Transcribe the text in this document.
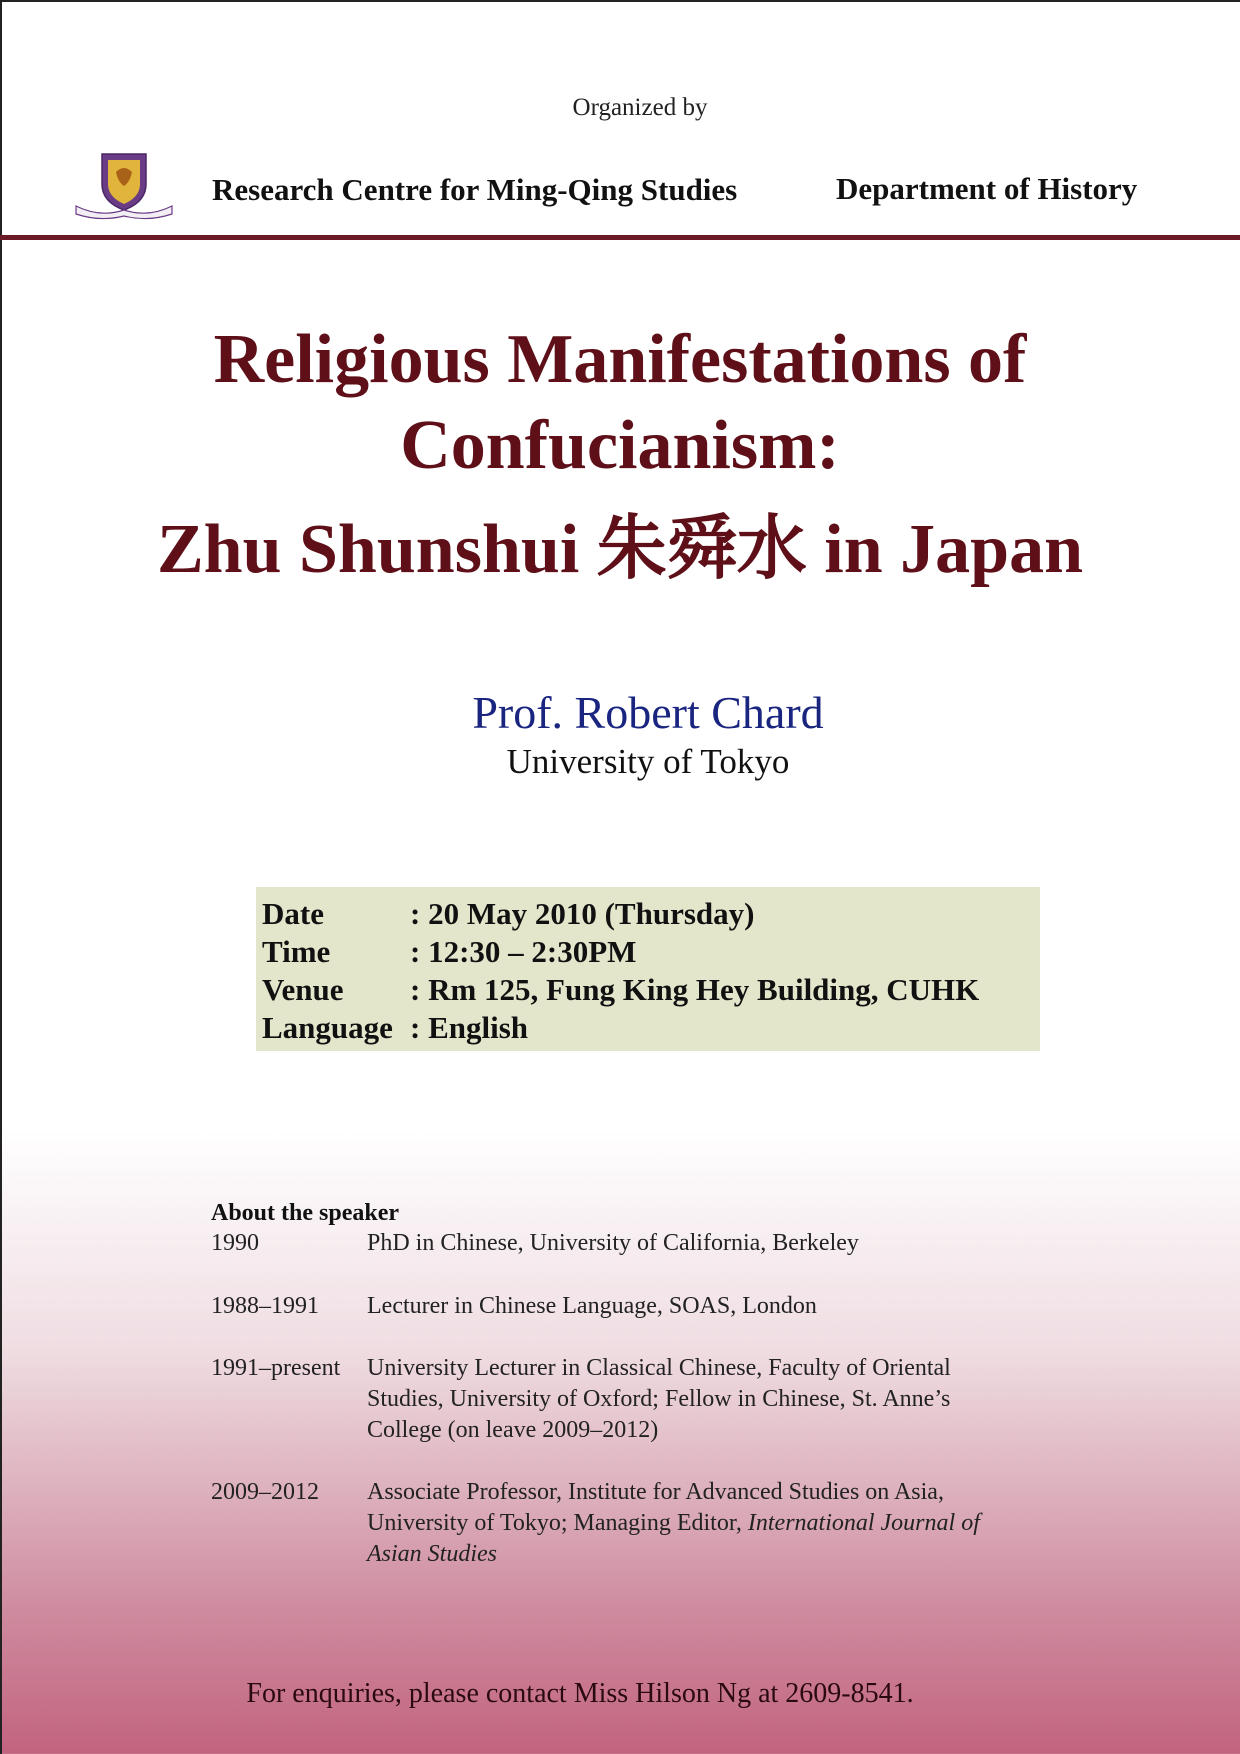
Organized by
Research Centre for Ming-Qing Studies	Department of History
Religious Manifestations of
Confucianism:
Zhu Shunshui 朱舜水 in Japan
Prof. Robert Chard
University of Tokyo
Date	: 20 May 2010 (Thursday)
Time	: 12:30 – 2:30PM
Venue : Rm 125, Fung King Hey Building, CUHK
Language : English
About the speaker
1990	PhD in Chinese, University of California, Berkeley
1988–1991	Lecturer in Chinese Language, SOAS, London
1991–present	University Lecturer in Classical Chinese, Faculty of Oriental
Studies, University of Oxford; Fellow in Chinese, St. Anne’s
College (on leave 2009–2012)
2009–2012	Associate Professor, Institute for Advanced Studies on Asia,
University of Tokyo; Managing Editor, International Journal of
Asian Studies
For enquiries, please contact Miss Hilson Ng at 2609-8541.
